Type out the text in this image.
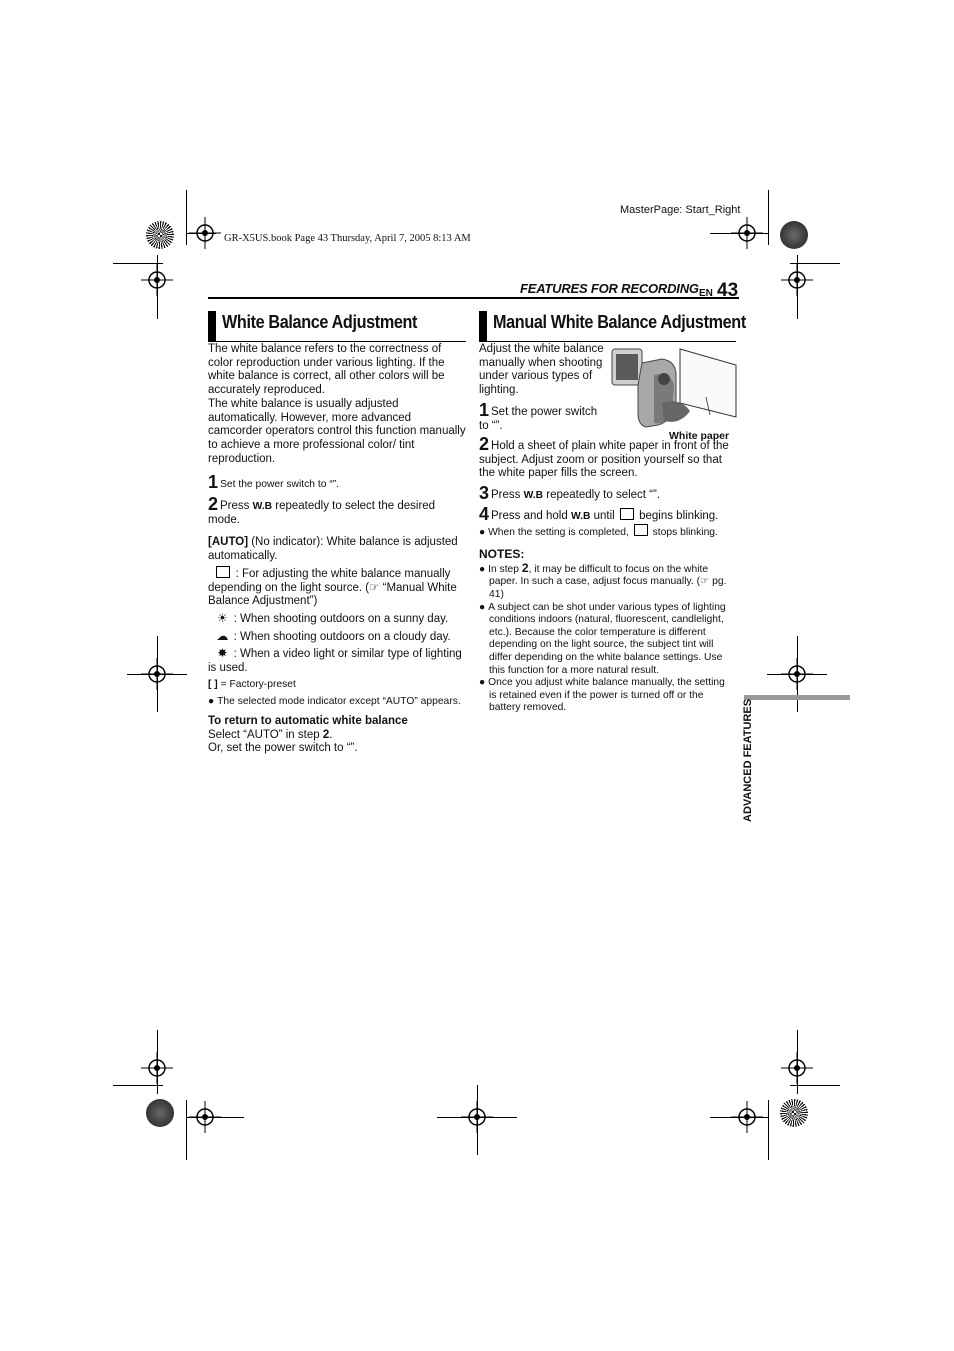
MasterPage: Start_Right
GR-X5US.book Page 43 Thursday, April 7, 2005 8:13 AM
FEATURES FOR RECORDING EN 43
White Balance Adjustment

The white balance refers to the correctness of color reproduction under various lighting. If the white balance is correct, all other colors will be accurately reproduced.

The white balance is usually adjusted automatically. However, more advanced camcorder operators control this function manually to achieve a more professional color/ tint reproduction.

1 Set the power switch to “”.

2 Press W.B repeatedly to select the desired mode.

[AUTO] (No indicator): White balance is adjusted automatically.

: For adjusting the white balance manually depending on the light source. (☞ “Manual White Balance Adjustment”)

☀ : When shooting outdoors on a sunny day.

☁ : When shooting outdoors on a cloudy day.

✸ : When a video light or similar type of lighting is used.

[ ] = Factory-preset

● The selected mode indicator except “AUTO” appears.

To return to automatic white balance

Select “AUTO” in step 2.

Or, set the power switch to “”.

Manual White Balance Adjustment
White paper

Adjust the white balance manually when shooting under various types of lighting.

1 Set the power switch to “”.

2 Hold a sheet of plain white paper in front of the subject. Adjust zoom or position yourself so that the white paper fills the screen.

3 Press W.B repeatedly to select “”.

4 Press and hold W.B until  begins blinking.

● When the setting is completed,  stops blinking.

NOTES:

● In step 2, it may be difficult to focus on the white paper. In such a case, adjust focus manually. (☞ pg. 41)

● A subject can be shot under various types of lighting conditions indoors (natural, fluorescent, candlelight, etc.). Because the color temperature is different depending on the light source, the subject tint will differ depending on the white balance settings. Use this function for a more natural result.

● Once you adjust white balance manually, the setting is retained even if the power is turned off or the battery removed.	ADVANCED FEATURES
